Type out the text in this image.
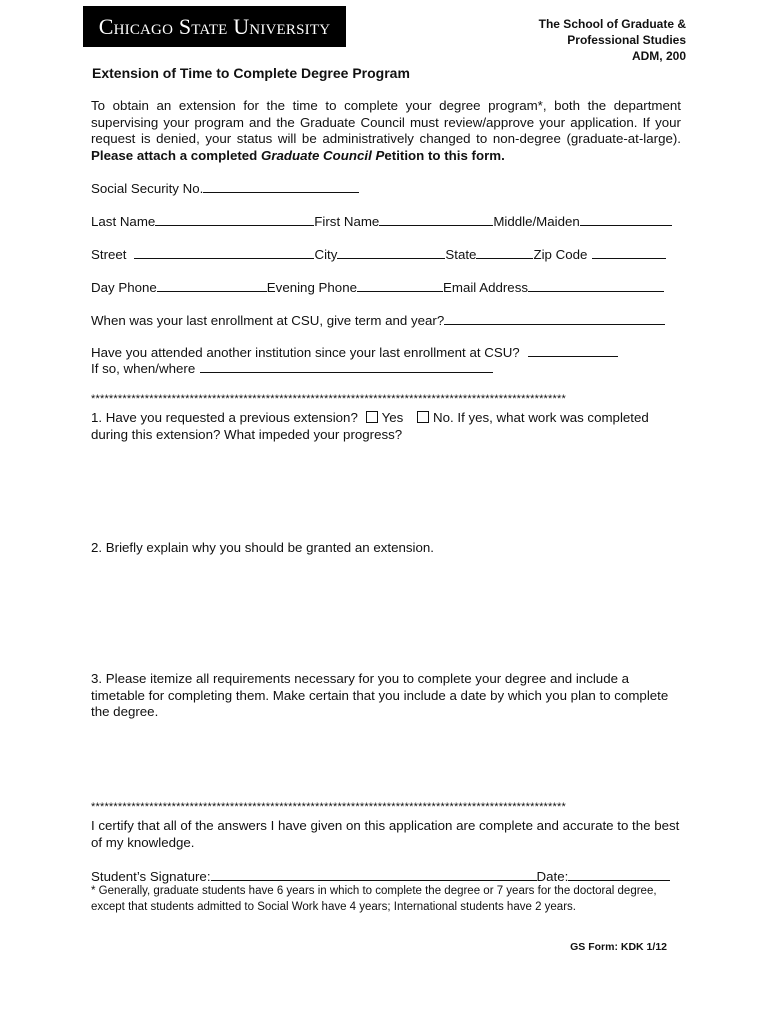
Chicago State University	The School of Graduate &
Professional Studies
ADM, 200
Extension of Time to Complete Degree Program
To obtain an extension for the time to complete your degree program*, both the department supervising your program and the Graduate Council must review/approve your application. If your request is denied, your status will be administratively changed to non-degree (graduate-at-large). Please attach a completed Graduate Council Petition to this form.
Social Security No.
Last Name	First Name	Middle/Maiden
Street	City	State	Zip Code
Day Phone	Evening Phone	Email Address
When was your last enrollment at CSU, give term and year?
Have you attended another institution since your last enrollment at CSU?
If so, when/where
**********************************************************************************************************
1. Have you requested a previous extension? Yes No. If yes, what work was completed during this extension? What impeded your progress?
2. Briefly explain why you should be granted an extension.
3. Please itemize all requirements necessary for you to complete your degree and include a timetable for completing them. Make certain that you include a date by which you plan to complete the degree.
**********************************************************************************************************
I certify that all of the answers I have given on this application are complete and accurate to the best of my knowledge.
Student’s Signature:	Date:
* Generally, graduate students have 6 years in which to complete the degree or 7 years for the doctoral degree, except that students admitted to Social Work have 4 years; International students have 2 years.
GS Form: KDK 1/12
